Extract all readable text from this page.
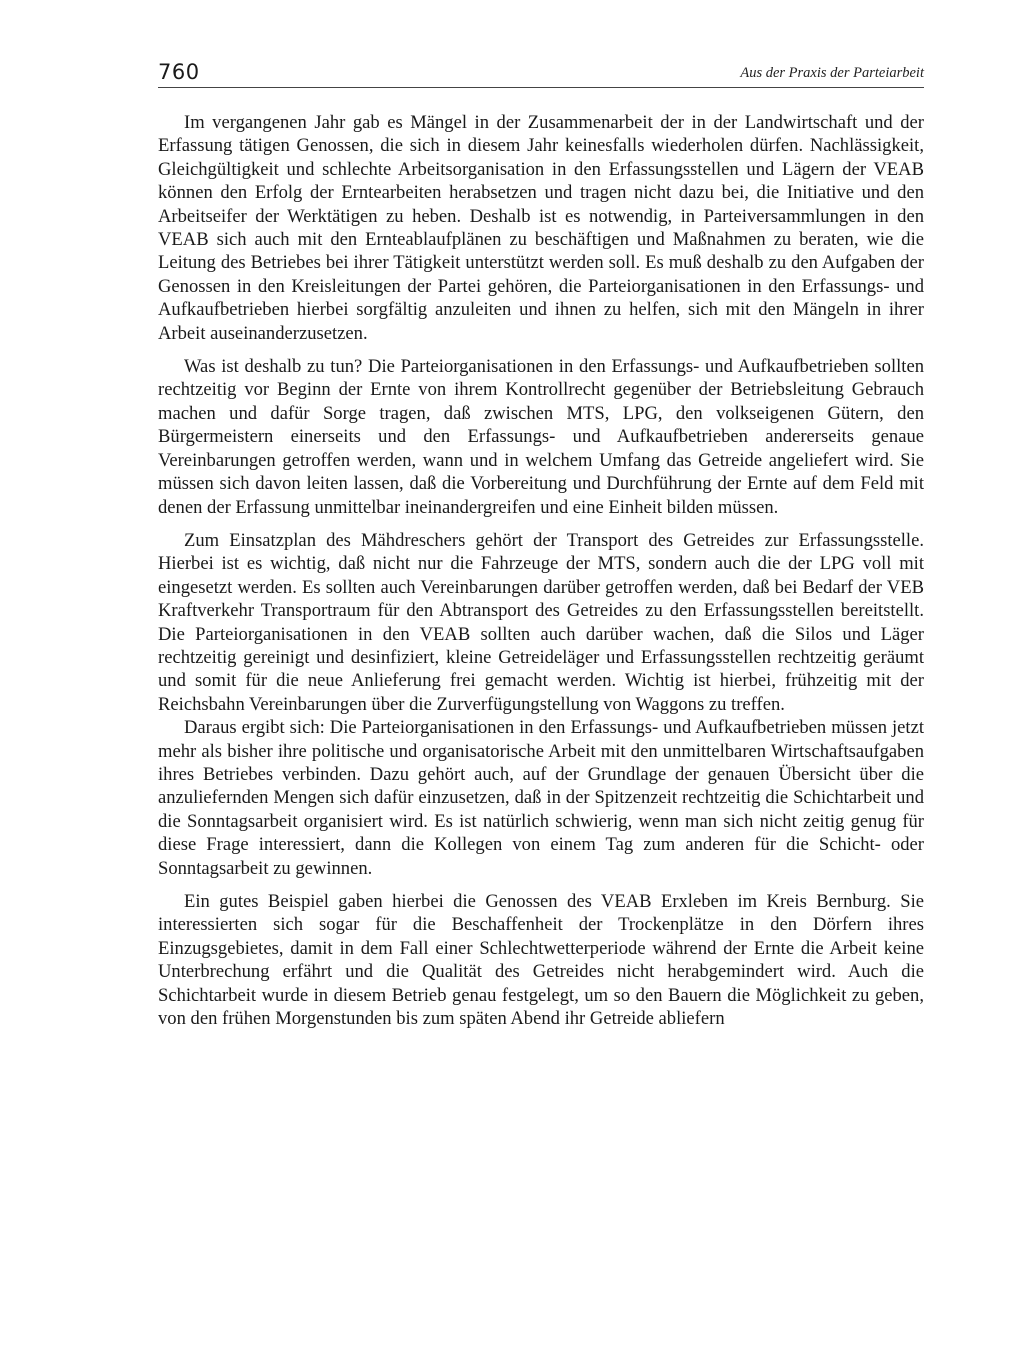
760	Aus der Praxis der Parteiarbeit

Im vergangenen Jahr gab es Mängel in der Zusammenarbeit der in der Landwirtschaft und der Erfassung tätigen Genossen, die sich in diesem Jahr keinesfalls wiederholen dürfen. Nachlässigkeit, Gleichgültigkeit und schlechte Arbeitsorganisation in den Erfassungsstellen und Lägern der VEAB können den Erfolg der Erntearbeiten herabsetzen und tragen nicht dazu bei, die Initiative und den Arbeitseifer der Werktätigen zu heben. Deshalb ist es notwendig, in Parteiversammlungen in den VEAB sich auch mit den Ernteablaufplänen zu beschäftigen und Maßnahmen zu beraten, wie die Leitung des Betriebes bei ihrer Tätigkeit unterstützt werden soll. Es muß deshalb zu den Aufgaben der Genossen in den Kreisleitungen der Partei gehören, die Parteiorganisationen in den Erfassungs- und Aufkaufbetrieben hierbei sorgfältig anzuleiten und ihnen zu helfen, sich mit den Mängeln in ihrer Arbeit auseinanderzusetzen.

Was ist deshalb zu tun? Die Parteiorganisationen in den Erfassungs- und Aufkaufbetrieben sollten rechtzeitig vor Beginn der Ernte von ihrem Kontrollrecht gegenüber der Betriebsleitung Gebrauch machen und dafür Sorge tragen, daß zwischen MTS, LPG, den volkseigenen Gütern, den Bürgermeistern einerseits und den Erfassungs- und Aufkaufbetrieben andererseits genaue Vereinbarungen getroffen werden, wann und in welchem Umfang das Getreide angeliefert wird. Sie müssen sich davon leiten lassen, daß die Vorbereitung und Durchführung der Ernte auf dem Feld mit denen der Erfassung unmittelbar ineinandergreifen und eine Einheit bilden müssen.

Zum Einsatzplan des Mähdreschers gehört der Transport des Getreides zur Erfassungsstelle. Hierbei ist es wichtig, daß nicht nur die Fahrzeuge der MTS, sondern auch die der LPG voll mit eingesetzt werden. Es sollten auch Vereinbarungen darüber getroffen werden, daß bei Bedarf der VEB Kraftverkehr Transportraum für den Abtransport des Getreides zu den Erfassungsstellen bereitstellt. Die Parteiorganisationen in den VEAB sollten auch darüber wachen, daß die Silos und Läger rechtzeitig gereinigt und desinfiziert, kleine Getreideläger und Erfassungsstellen rechtzeitig geräumt und somit für die neue Anlieferung frei gemacht werden. Wichtig ist hierbei, frühzeitig mit der Reichsbahn Vereinbarungen über die Zurverfügungstellung von Waggons zu treffen.

Daraus ergibt sich: Die Parteiorganisationen in den Erfassungs- und Aufkaufbetrieben müssen jetzt mehr als bisher ihre politische und organisatorische Arbeit mit den unmittelbaren Wirtschaftsaufgaben ihres Betriebes verbinden. Dazu gehört auch, auf der Grundlage der genauen Übersicht über die anzuliefernden Mengen sich dafür einzusetzen, daß in der Spitzenzeit rechtzeitig die Schichtarbeit und die Sonntagsarbeit organisiert wird. Es ist natürlich schwierig, wenn man sich nicht zeitig genug für diese Frage interessiert, dann die Kollegen von einem Tag zum anderen für die Schicht- oder Sonntagsarbeit zu gewinnen.

Ein gutes Beispiel gaben hierbei die Genossen des VEAB Erxleben im Kreis Bernburg. Sie interessierten sich sogar für die Beschaffenheit der Trockenplätze in den Dörfern ihres Einzugsgebietes, damit in dem Fall einer Schlechtwetterperiode während der Ernte die Arbeit keine Unterbrechung erfährt und die Qualität des Getreides nicht herabgemindert wird. Auch die Schichtarbeit wurde in diesem Betrieb genau festgelegt, um so den Bauern die Möglichkeit zu geben, von den frühen Morgenstunden bis zum späten Abend ihr Getreide abliefern
